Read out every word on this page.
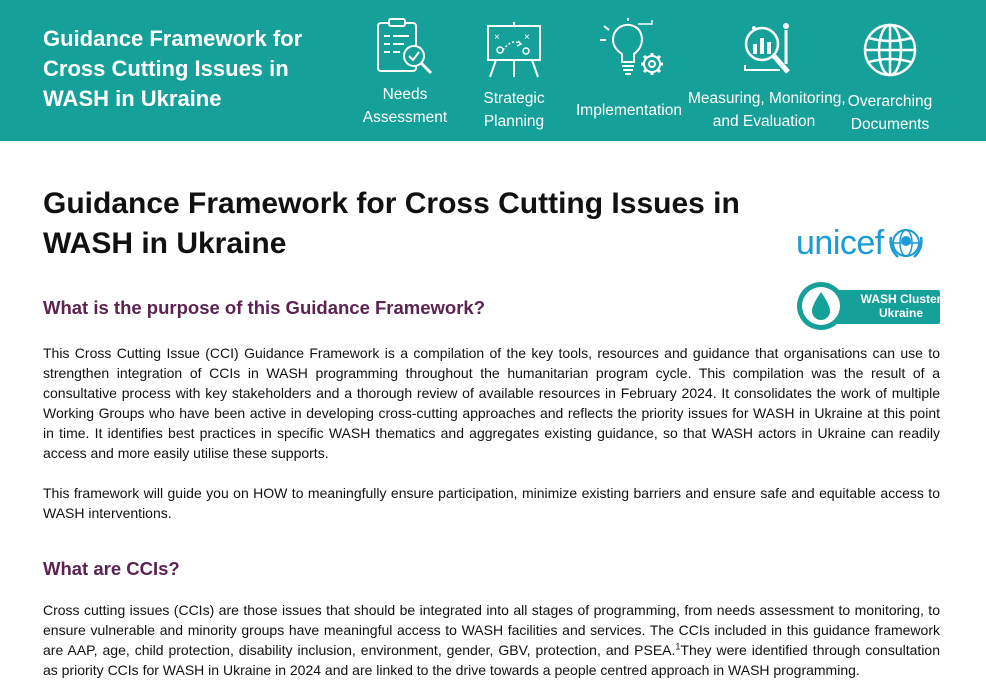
Guidance Framework for Cross Cutting Issues in WASH in Ukraine	Needs
Assessment
× ×
Strategic
Planning
Implementation
Measuring, Monitoring,
and Evaluation
Overarching
Documents
Guidance Framework for Cross Cutting Issues in
WASH in Ukraine	unicef
WASH Cluster
Ukraine
What is the purpose of this Guidance Framework?

This Cross Cutting Issue (CCI) Guidance Framework is a compilation of the key tools, resources and guidance that organisations can use to strengthen integration of CCIs in WASH programming throughout the humanitarian program cycle. This compilation was the result of a consultative process with key stakeholders and a thorough review of available resources in February 2024. It consolidates the work of multiple Working Groups who have been active in developing cross-cutting approaches and reflects the priority issues for WASH in Ukraine at this point in time. It identifies best practices in specific WASH thematics and aggregates existing guidance, so that WASH actors in Ukraine can readily access and more easily utilise these supports.

This framework will guide you on HOW to meaningfully ensure participation, minimize existing barriers and ensure safe and equitable access to WASH interventions.

What are CCIs?

Cross cutting issues (CCIs) are those issues that should be integrated into all stages of programming, from needs assessment to monitoring, to ensure vulnerable and minority groups have meaningful access to WASH facilities and services. The CCIs included in this guidance framework are AAP, age, child protection, disability inclusion, environment, gender, GBV, protection, and PSEA.$^1$They were identified through consultation as priority CCIs for WASH in Ukraine in 2024 and are linked to the drive towards a people centred approach in WASH programming.
